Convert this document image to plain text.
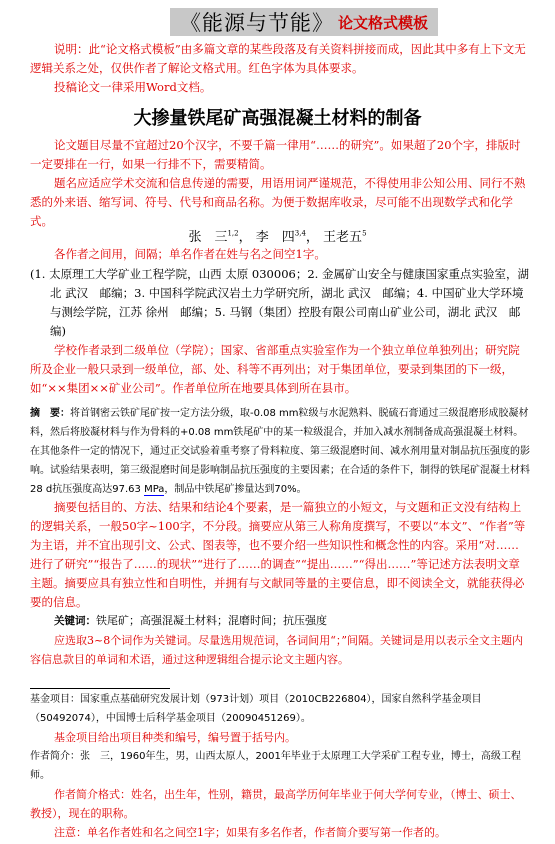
《能源与节能》 论文格式模板

说明：此“论文格式模板”由多篇文章的某些段落及有关资料拼接而成，因此其中多有上下文无逻辑关系之处，仅供作者了解论文格式用。红色字体为具体要求。

投稿论文一律采用Word文档。

大掺量铁尾矿高强混凝土材料的制备

论文题目尽量不宜超过20个汉字，不要千篇一律用“……的研究”。如果超了20个字，排版时一定要排在一行，如果一行排不下，需要精简。

题名应适应学术交流和信息传递的需要，用语用词严谨规范，不得使用非公知公用、同行不熟悉的外来语、缩写词、符号、代号和商品名称。为便于数据库收录，尽可能不出现数学式和化学式。

张　三$^{1,2}$， 李　四$^{3,4}$， 王老五$^5$

各作者之间用，间隔；单名作者在姓与名之间空1字。

(1. 太原理工大学矿业工程学院，山西 太原 030006；2. 金属矿山安全与健康国家重点实验室，湖北 武汉　邮编；3. 中国科学院武汉岩土力学研究所，湖北 武汉　邮编；4. 中国矿业大学环境与测绘学院，江苏 徐州　邮编；5. 马钢（集团）控股有限公司南山矿业公司，湖北 武汉　邮编)

学校作者录到二级单位（学院）；国家、省部重点实验室作为一个独立单位单独列出；研究院所及企业一般只录到一级单位，部、处、科等不再列出；对于集团单位，要录到集团的下一级，如“××集团××矿业公司”。作者单位所在地要具体到所在县市。

摘　要：将首钢密云铁矿尾矿按一定方法分级，取-0.08 mm粒级与水泥熟料、脱硫石膏通过三级混磨形成胶凝材料，然后将胶凝材料与作为骨料的+0.08 mm铁尾矿中的某一粒级混合，并加入减水剂制备成高强混凝土材料。在其他条件一定的情况下，通过正交试验着重考察了骨料粒度、第三级混磨时间、减水剂用量对制品抗压强度的影响。试验结果表明，第三级混磨时间是影响制品抗压强度的主要因素；在合适的条件下，制得的铁尾矿混凝土材料28 d抗压强度高达97.63 MPa，制品中铁尾矿掺量达到70%。

摘要包括目的、方法、结果和结论4个要素，是一篇独立的小短文，与文题和正文没有结构上的逻辑关系，一般50字~100字，不分段。摘要应从第三人称角度撰写，不要以“本文”、“作者”等为主语，并不宜出现引文、公式、图表等，也不要介绍一些知识性和概念性的内容。采用“对……进行了研究”“报告了……的现状”“进行了……的调查”“提出……”“得出……”等记述方法表明文章主题。摘要应具有独立性和自明性，并拥有与文献同等量的主要信息，即不阅读全文，就能获得必要的信息。

关键词：铁尾矿；高强混凝土材料；混磨时间；抗压强度

应选取3~8个词作为关键词。尽量选用规范词，各词间用“；”间隔。关键词是用以表示全文主题内容信息款目的单词和术语，通过这种逻辑组合提示论文主题内容。

基金项目：国家重点基础研究发展计划（973计划）项目（2010CB226804），国家自然科学基金项目（50492074），中国博士后科学基金项目（20090451269）。

基金项目给出项目种类和编号，编号置于括号内。

作者简介：张　三，1960年生，男，山西太原人，2001年毕业于太原理工大学采矿工程专业，博士，高级工程师。

作者简介格式：姓名，出生年，性别，籍贯，最高学历何年毕业于何大学何专业，（博士、硕士、教授），现在的职称。

注意：单名作者姓和名之间空1字；如果有多名作者，作者简介要写第一作者的。
